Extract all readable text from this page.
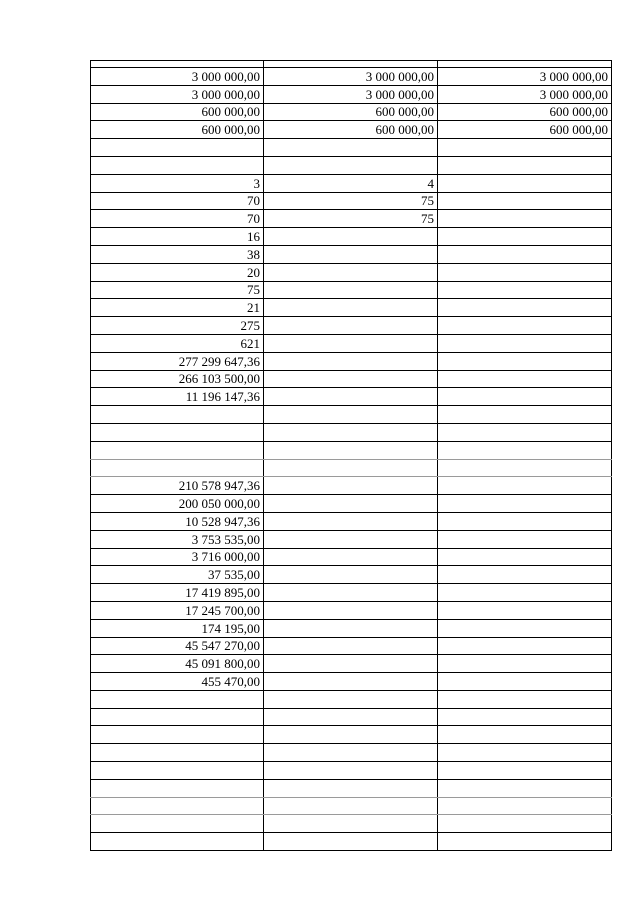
3 000 000,00	3 000 000,00	3 000 000,00
3 000 000,00	3 000 000,00	3 000 000,00
600 000,00	600 000,00	600 000,00
600 000,00	600 000,00	600 000,00

3	4	
70	75	
70	75	
16		
38		
20		
75		
21		
275		
621		
277 299 647,36		
266 103 500,00		
11 196 147,36		

210 578 947,36		
200 050 000,00		
10 528 947,36		
3 753 535,00		
3 716 000,00		
37 535,00		
17 419 895,00		
17 245 700,00		
174 195,00		
45 547 270,00		
45 091 800,00		
455 470,00		
